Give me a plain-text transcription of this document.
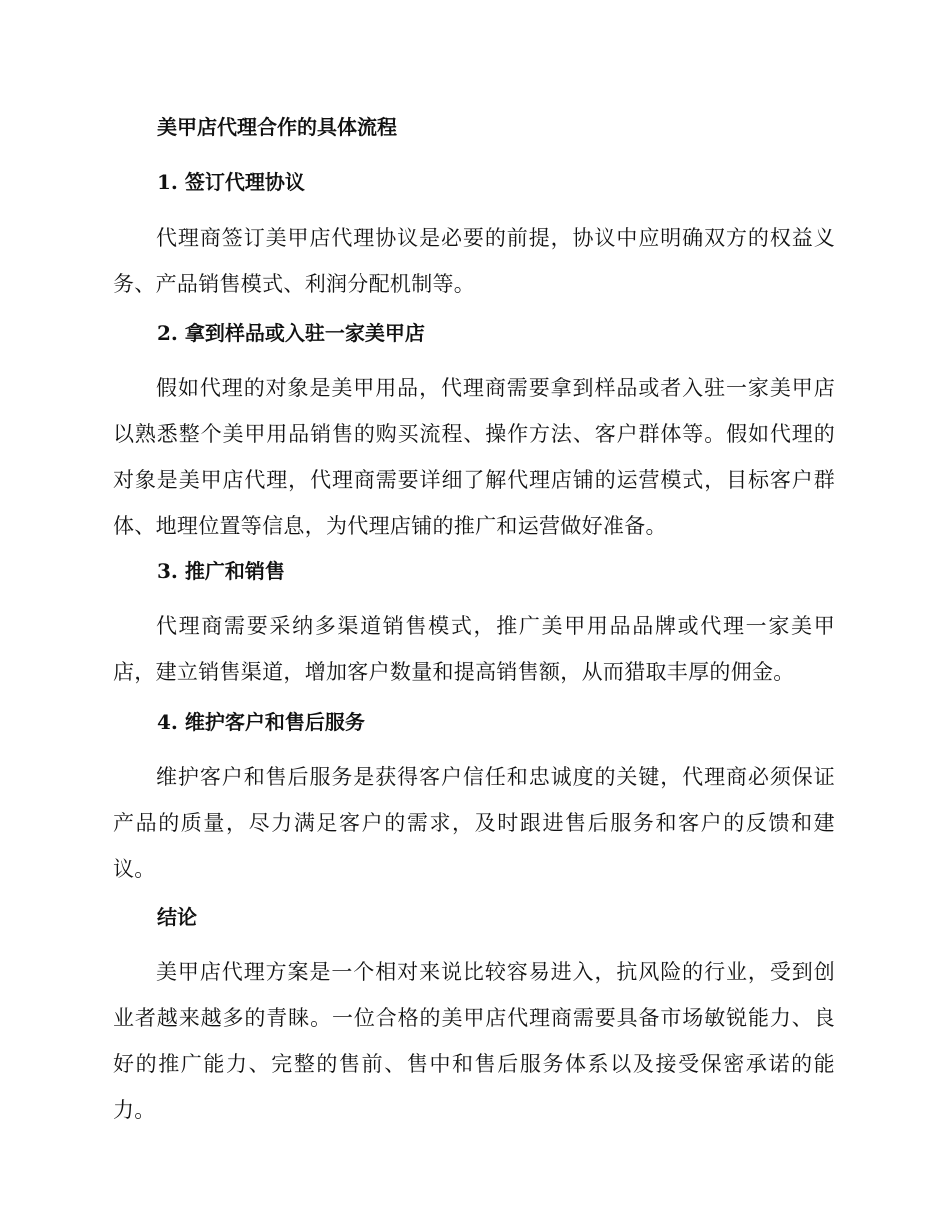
美甲店代理合作的具体流程
1. 签订代理协议

代理商签订美甲店代理协议是必要的前提，协议中应明确双方的权益义务、产品销售模式、利润分配机制等。

2. 拿到样品或入驻一家美甲店

假如代理的对象是美甲用品，代理商需要拿到样品或者入驻一家美甲店以熟悉整个美甲用品销售的购买流程、操作方法、客户群体等。假如代理的对象是美甲店代理，代理商需要详细了解代理店铺的运营模式，目标客户群体、地理位置等信息，为代理店铺的推广和运营做好准备。

3. 推广和销售

代理商需要采纳多渠道销售模式，推广美甲用品品牌或代理一家美甲店，建立销售渠道，增加客户数量和提高销售额，从而猎取丰厚的佣金。

4. 维护客户和售后服务

维护客户和售后服务是获得客户信任和忠诚度的关键，代理商必须保证产品的质量，尽力满足客户的需求，及时跟进售后服务和客户的反馈和建议。

结论

美甲店代理方案是一个相对来说比较容易进入，抗风险的行业，受到创业者越来越多的青睐。一位合格的美甲店代理商需要具备市场敏锐能力、良好的推广能力、完整的售前、售中和售后服务体系以及接受保密承诺的能力。
